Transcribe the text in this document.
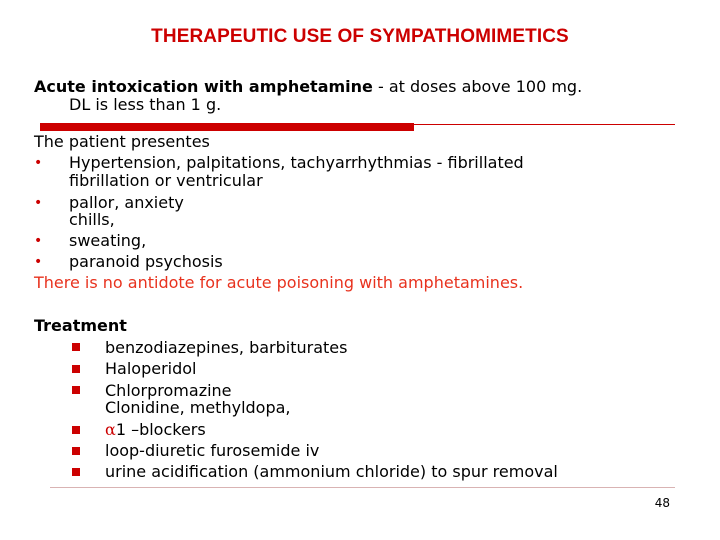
THERAPEUTIC USE OF SYMPATHOMIMETICS
Acute intoxication with amphetamine - at doses above 100 mg.
DL is less than 1 g.
The patient presentes
• Hypertension, palpitations, tachyarrhythmias - fibrillated
fibrillation or ventricular
• pallor, anxiety
chills,
• sweating,
• paranoid psychosis
There is no antidote for acute poisoning with amphetamines.
Treatment
benzodiazepines, barbiturates
Haloperidol
Chlorpromazine
Clonidine, methyldopa,
α1 –blockers
loop-diuretic furosemide iv
urine acidification (ammonium chloride) to spur removal
48
